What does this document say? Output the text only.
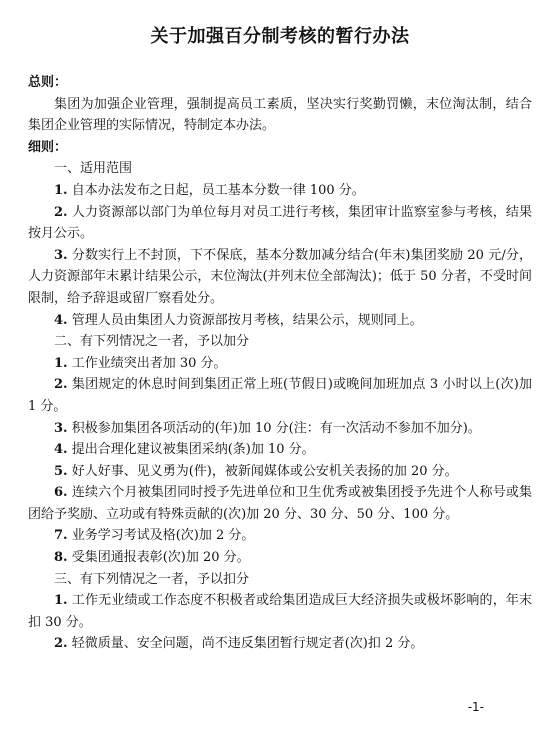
关于加强百分制考核的暂行办法

总则：

集团为加强企业管理，强制提高员工素质，坚决实行奖勤罚懒，末位淘汰制，结合集团企业管理的实际情况，特制定本办法。

细则：

一、适用范围

1. 自本办法发布之日起，员工基本分数一律 100 分。

2. 人力资源部以部门为单位每月对员工进行考核，集团审计监察室参与考核，结果按月公示。

3. 分数实行上不封顶，下不保底，基本分数加减分结合(年末)集团奖励 20 元/分，人力资源部年末累计结果公示，末位淘汰(并列末位全部淘汰)；低于 50 分者，不受时间限制，给予辞退或留厂察看处分。

4. 管理人员由集团人力资源部按月考核，结果公示，规则同上。

二、有下列情况之一者，予以加分

1. 工作业绩突出者加 30 分。

2. 集团规定的休息时间到集团正常上班(节假日)或晚间加班加点 3 小时以上(次)加 1 分。

3. 积极参加集团各项活动的(年)加 10 分(注：有一次活动不参加不加分)。

4. 提出合理化建议被集团采纳(条)加 10 分。

5. 好人好事、见义勇为(件)，被新闻媒体或公安机关表扬的加 20 分。

6. 连续六个月被集团同时授予先进单位和卫生优秀或被集团授予先进个人称号或集团给予奖励、立功或有特殊贡献的(次)加 20 分、30 分、50 分、100 分。

7. 业务学习考试及格(次)加 2 分。

8. 受集团通报表彰(次)加 20 分。

三、有下列情况之一者，予以扣分

1. 工作无业绩或工作态度不积极者或给集团造成巨大经济损失或极坏影响的，年末扣 30 分。

2. 轻微质量、安全问题，尚不违反集团暂行规定者(次)扣 2 分。

-1-
